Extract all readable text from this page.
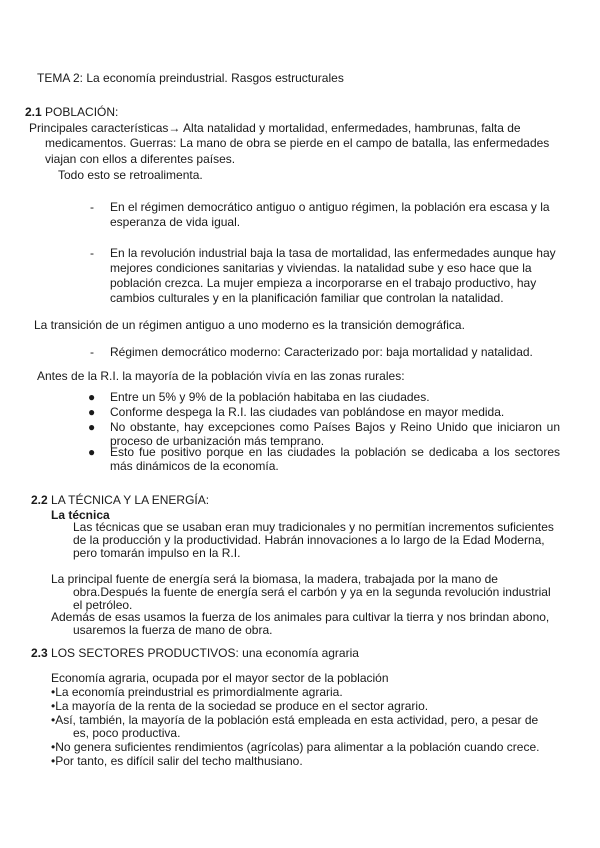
TEMA 2: La economía preindustrial. Rasgos estructurales
2.1 POBLACIÓN:
Principales características→ Alta natalidad y mortalidad, enfermedades, hambrunas, falta de
medicamentos. Guerras: La mano de obra se pierde en el campo de batalla, las enfermedades
viajan con ellos a diferentes países.
Todo esto se retroalimenta.
- En el régimen democrático antiguo o antiguo régimen, la población era escasa y la esperanza de vida igual.

- En la revolución industrial baja la tasa de mortalidad, las enfermedades aunque hay mejores condiciones sanitarias y viviendas. la natalidad sube y eso hace que la población crezca. La mujer empieza a incorporarse en el trabajo productivo, hay cambios culturales y en la planificación familiar que controlan la natalidad.

La transición de un régimen antiguo a uno moderno es la transición demográfica.
- Régimen democrático moderno: Caracterizado por: baja mortalidad y natalidad.

Antes de la R.I. la mayoría de la población vivía en las zonas rurales:
● Entre un 5% y 9% de la población habitaba en las ciudades.

● Conforme despega la R.I. las ciudades van poblándose en mayor medida.

● No obstante, hay excepciones como Países Bajos y Reino Unido que iniciaron un proceso de urbanización más temprano.

● Esto fue positivo porque en las ciudades la población se dedicaba a los sectores más dinámicos de la economía.

2.2 LA TÉCNICA Y LA ENERGÍA:
La técnica

Las técnicas que se usaban eran muy tradicionales y no permitían incrementos suficientes de la producción y la productividad. Habrán innovaciones a lo largo de la Edad Moderna, pero tomarán impulso en la R.I.

La principal fuente de energía será la biomasa, la madera, trabajada por la mano de
obra.Después la fuente de energía será el carbón y ya en la segunda revolución industrial
el petróleo.
Además de esas usamos la fuerza de los animales para cultivar la tierra y nos brindan abono,
usaremos la fuerza de mano de obra.
2.3 LOS SECTORES PRODUCTIVOS: una economía agraria
Economía agraria, ocupada por el mayor sector de la población
•La economía preindustrial es primordialmente agraria.
•La mayoría de la renta de la sociedad se produce en el sector agrario.
•Así, también, la mayoría de la población está empleada en esta actividad, pero, a pesar de
es, poco productiva.
•No genera suficientes rendimientos (agrícolas) para alimentar a la población cuando crece.
•Por tanto, es difícil salir del techo malthusiano.
